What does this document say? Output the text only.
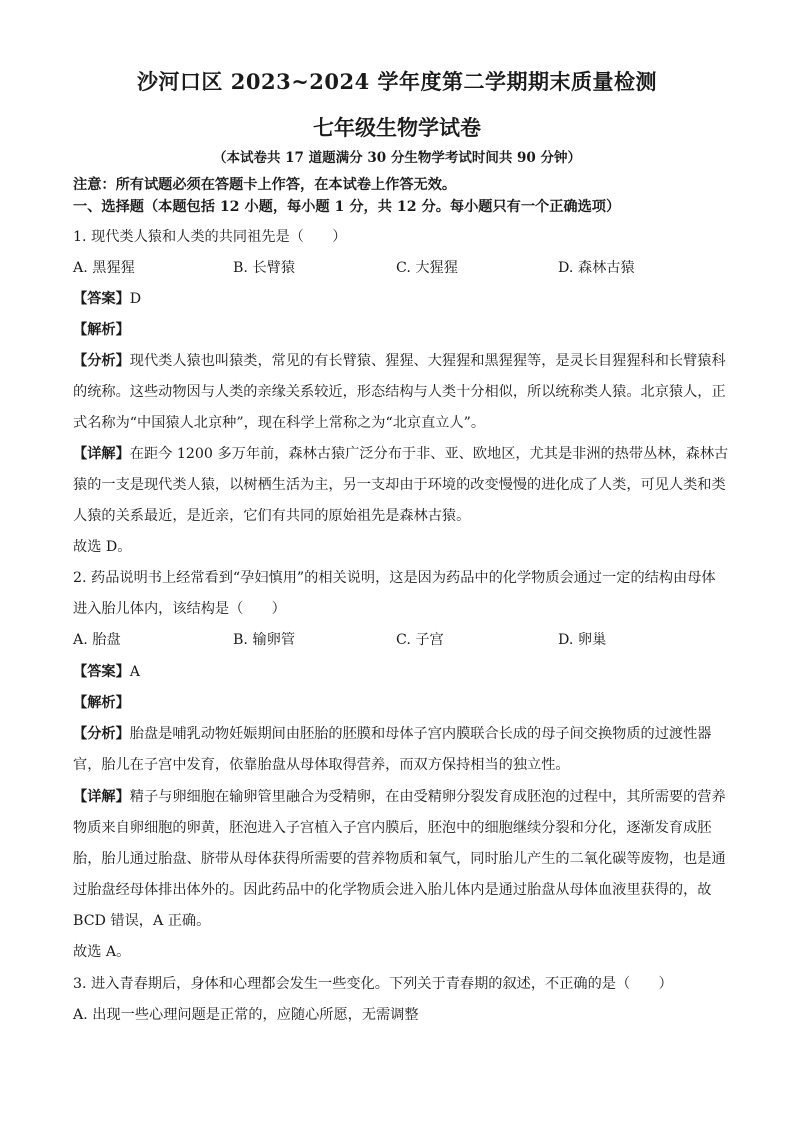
沙河口区 2023~2024 学年度第二学期期末质量检测
七年级生物学试卷
（本试卷共 17 道题满分 30 分生物学考试时间共 90 分钟）
注意：所有试题必须在答题卡上作答，在本试卷上作答无效。
一、选择题（本题包括 12 小题，每小题 1 分，共 12 分。每小题只有一个正确选项）
1. 现代类人猿和人类的共同祖先是（　　）
A. 黑猩猩	B. 长臂猿	C. 大猩猩	D. 森林古猿
【答案】D
【解析】
【分析】现代类人猿也叫猿类，常见的有长臂猿、猩猩、大猩猩和黑猩猩等，是灵长目猩猩科和长臂猿科
的统称。这些动物因与人类的亲缘关系较近，形态结构与人类十分相似，所以统称类人猿。北京猿人，正
式名称为“中国猿人北京种”，现在科学上常称之为“北京直立人”。
【详解】在距今 1200 多万年前，森林古猿广泛分布于非、亚、欧地区，尤其是非洲的热带丛林，森林古
猿的一支是现代类人猿，以树栖生活为主，另一支却由于环境的改变慢慢的进化成了人类，可见人类和类
人猿的关系最近，是近亲，它们有共同的原始祖先是森林古猿。
故选 D。
2. 药品说明书上经常看到“孕妇慎用”的相关说明，这是因为药品中的化学物质会通过一定的结构由母体
进入胎儿体内，该结构是（　　）
A. 胎盘	B. 输卵管	C. 子宫	D. 卵巢
【答案】A
【解析】
【分析】胎盘是哺乳动物妊娠期间由胚胎的胚膜和母体子宫内膜联合长成的母子间交换物质的过渡性器
官，胎儿在子宫中发育，依靠胎盘从母体取得营养，而双方保持相当的独立性。
【详解】精子与卵细胞在输卵管里融合为受精卵，在由受精卵分裂发育成胚泡的过程中，其所需要的营养
物质来自卵细胞的卵黄，胚泡进入子宫植入子宫内膜后，胚泡中的细胞继续分裂和分化，逐渐发育成胚
胎，胎儿通过胎盘、脐带从母体获得所需要的营养物质和氧气，同时胎儿产生的二氧化碳等废物，也是通
过胎盘经母体排出体外的。因此药品中的化学物质会进入胎儿体内是通过胎盘从母体血液里获得的，故
BCD 错误，A 正确。
故选 A。
3. 进入青春期后，身体和心理都会发生一些变化。下列关于青春期的叙述，不正确的是（　　）
A. 出现一些心理问题是正常的，应随心所愿，无需调整
